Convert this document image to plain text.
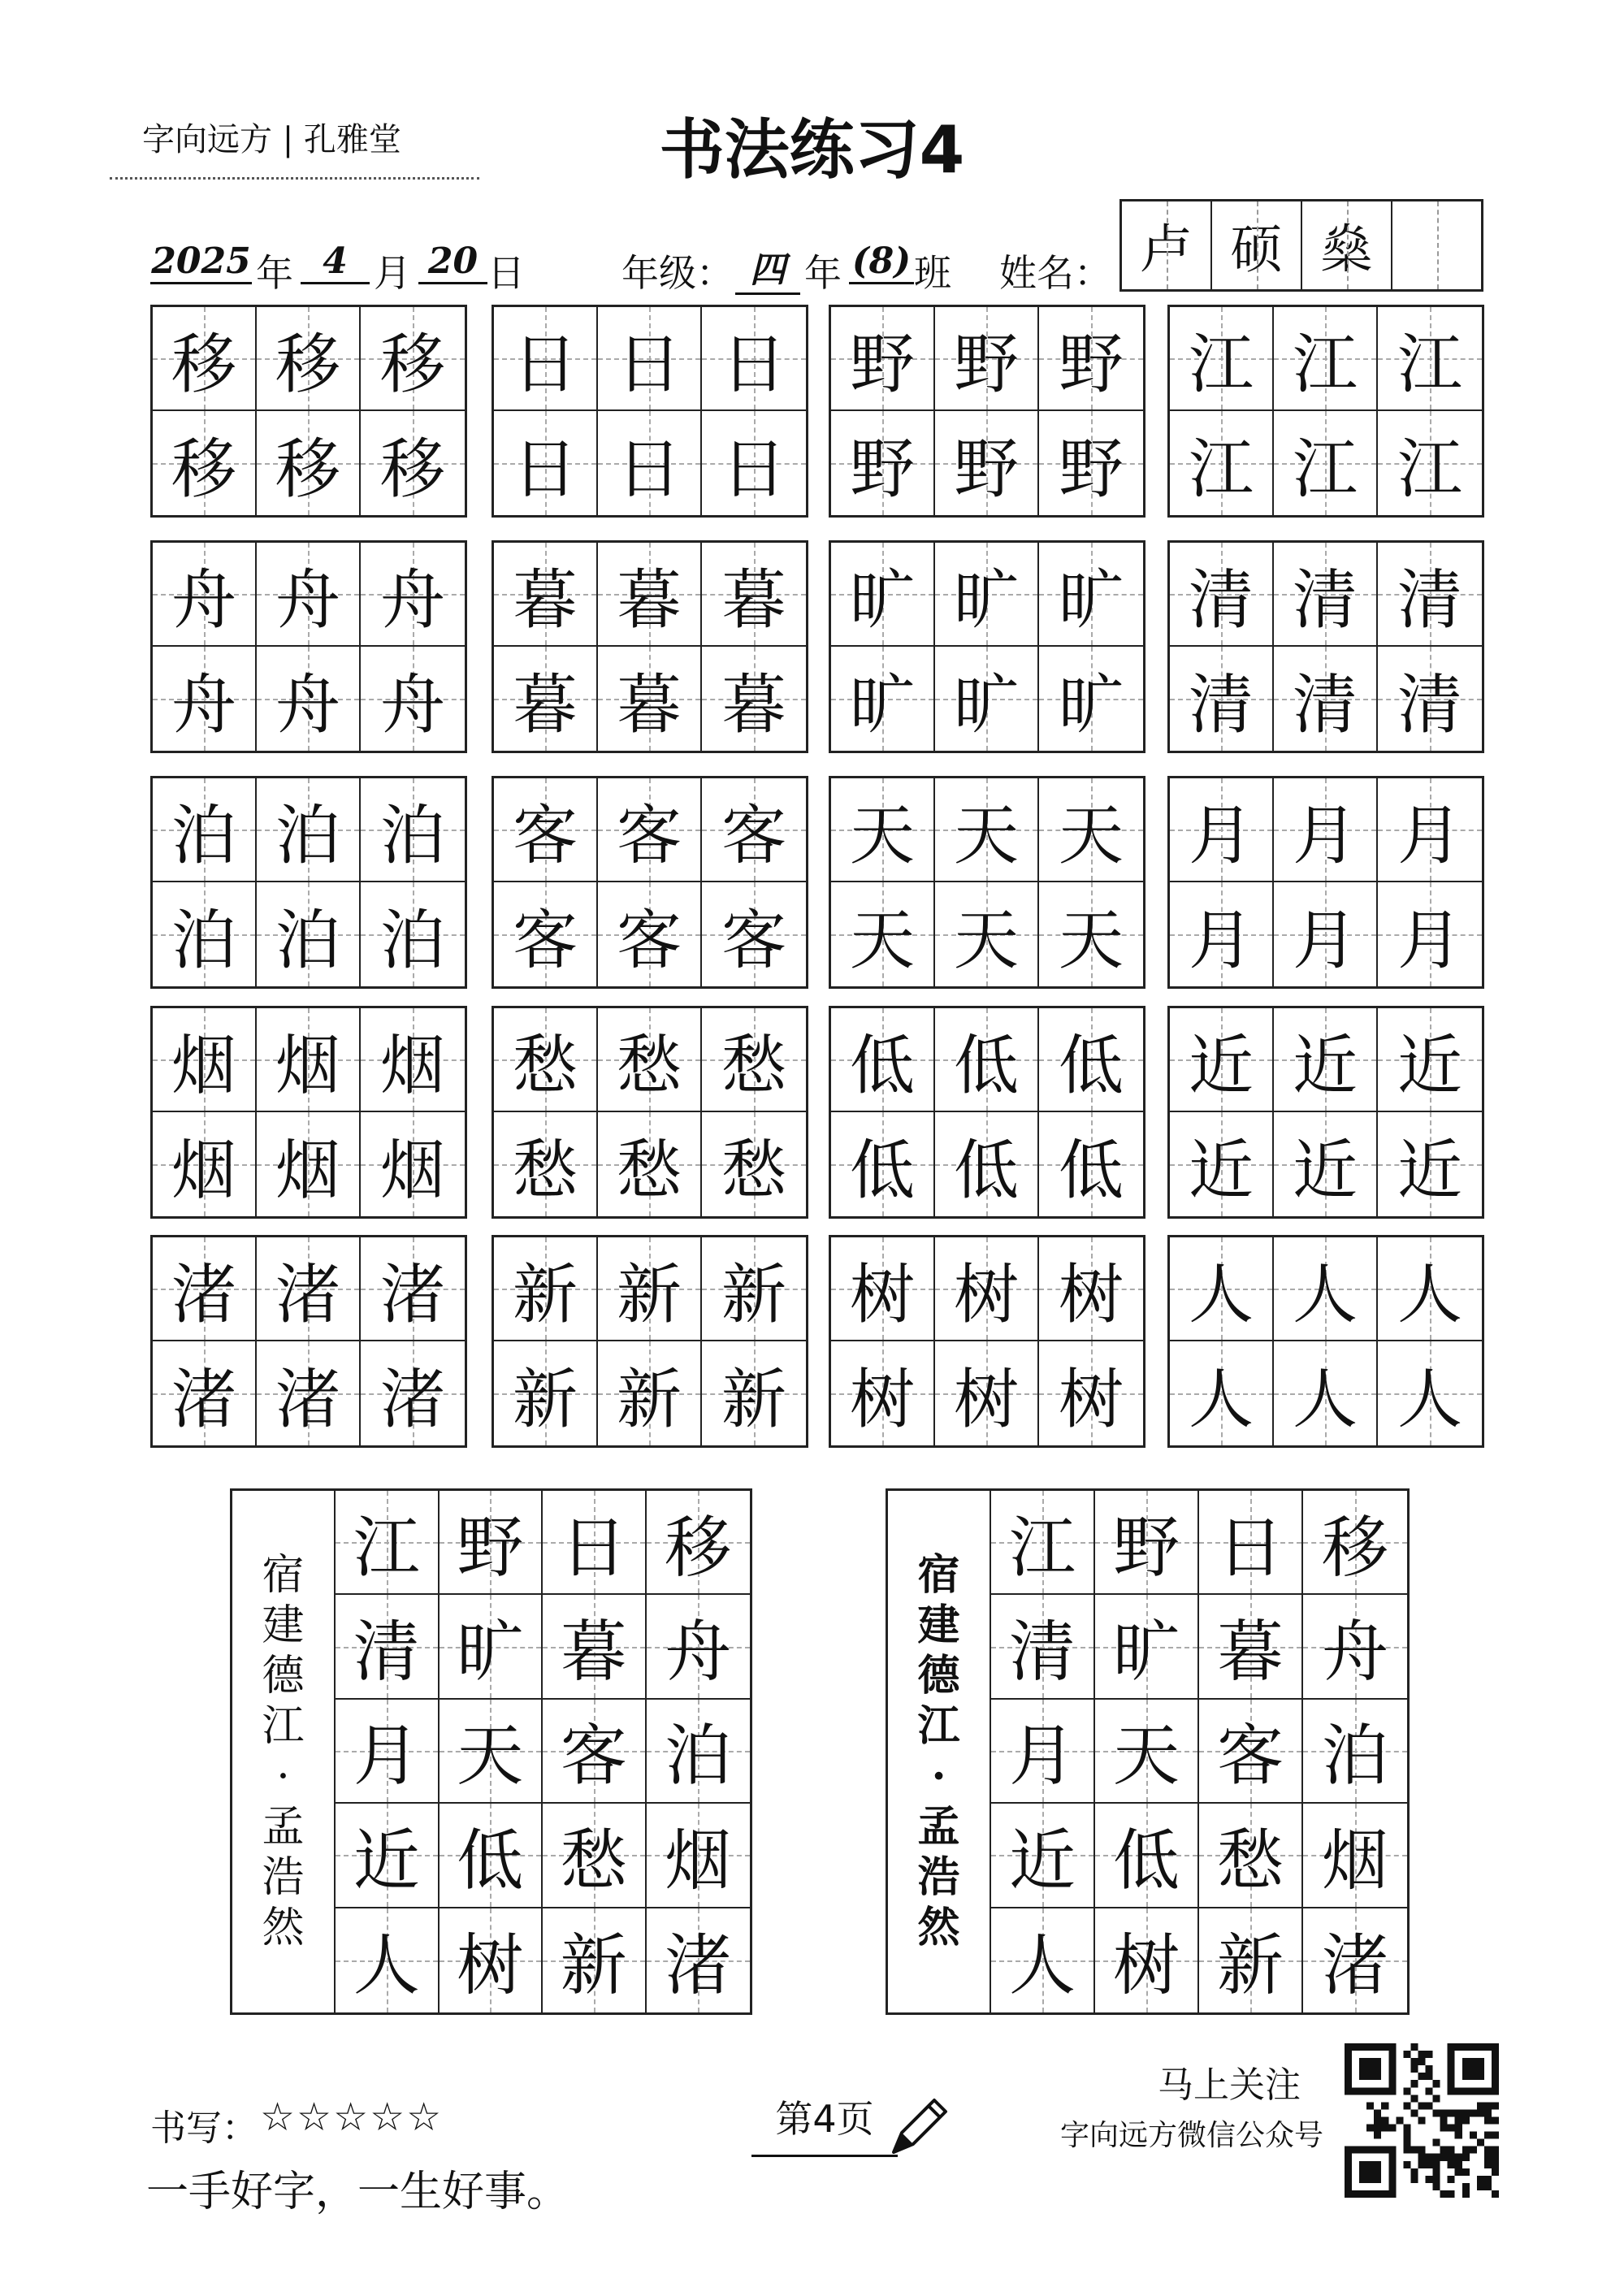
字向远方 | 孔雅堂	书法练习4
2025 年 4 月 20 日	年级： 四 年 (8) 班 姓名： 卢 硕 燊
移 移 移
移 移 移
日 日 日
日 日 日
野 野 野
野 野 野
江 江 江
江 江 江
舟 舟 舟
舟 舟 舟
暮 暮 暮
暮 暮 暮
旷 旷 旷
旷 旷 旷
清 清 清
清 清 清
泊 泊 泊
泊 泊 泊
客 客 客
客 客 客
天 天 天
天 天 天
月 月 月
月 月 月
烟 烟 烟
烟 烟 烟
愁 愁 愁
愁 愁 愁
低 低 低
低 低 低
近 近 近
近 近 近
渚 渚 渚
渚 渚 渚
新 新 新
新 新 新
树 树 树
树 树 树
人 人 人
人 人 人
宿
建
德
江
·
孟
浩
然
江 野 日 移
清 旷 暮 舟
月 天 客 泊
近 低 愁 烟
人 树 新 渚
宿
建
德
江
·
孟
浩
然
江 野 日 移
清 旷 暮 舟
月 天 客 泊
近 低 愁 烟
人 树 新 渚
书写： ☆☆☆☆☆	第4页
一手好字，一生好事。
马上关注
字向远方微信公众号
